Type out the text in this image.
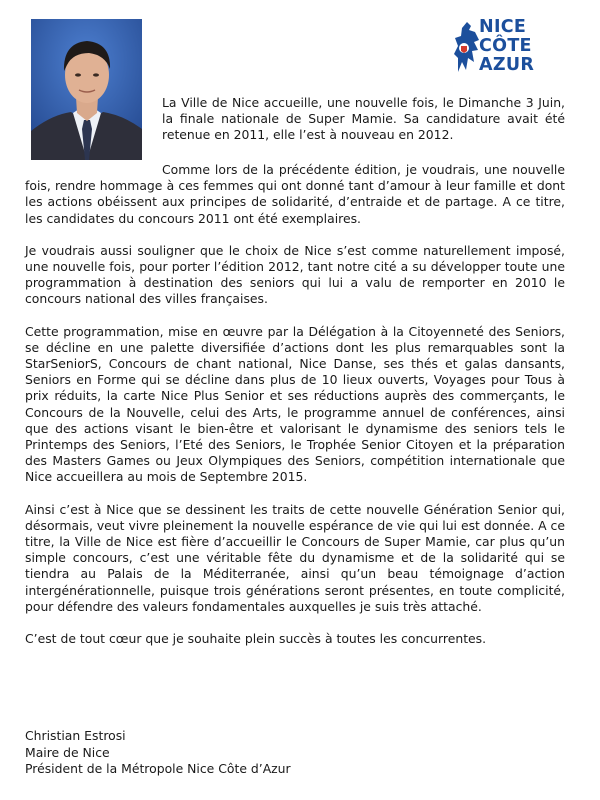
NICE
CÔTE
AZUR
La Ville de Nice accueille, une nouvelle fois, le Dimanche 3 Juin, la finale nationale de Super Mamie. Sa candidature avait été retenue en 2011, elle l’est à nouveau en 2012.

Comme lors de la précédente édition, je voudrais, une nouvelle fois, rendre hommage à ces femmes qui ont donné tant d’amour à leur famille et dont les actions obéissent aux principes de solidarité, d’entraide et de partage. A ce titre, les candidates du concours 2011 ont été exemplaires.

Je voudrais aussi souligner que le choix de Nice s’est comme naturellement imposé, une nouvelle fois, pour porter l’édition 2012, tant notre cité a su développer toute une programmation à destination des seniors qui lui a valu de remporter en 2010 le concours national des villes françaises.

Cette programmation, mise en œuvre par la Délégation à la Citoyenneté des Seniors, se décline en une palette diversifiée d’actions dont les plus remarquables sont la StarSeniorS, Concours de chant national, Nice Danse, ses thés et galas dansants, Seniors en Forme qui se décline dans plus de 10 lieux ouverts, Voyages pour Tous à prix réduits, la carte Nice Plus Senior et ses réductions auprès des commerçants, le Concours de la Nouvelle, celui des Arts, le programme annuel de conférences, ainsi que des actions visant le bien-être et valorisant le dynamisme des seniors tels le Printemps des Seniors, l’Eté des Seniors, le Trophée Senior Citoyen et la préparation des Masters Games ou Jeux Olympiques des Seniors, compétition internationale que Nice accueillera au mois de Septembre 2015.

Ainsi c’est à Nice que se dessinent les traits de cette nouvelle Génération Senior qui, désormais, veut vivre pleinement la nouvelle espérance de vie qui lui est donnée. A ce titre, la Ville de Nice est fière d’accueillir le Concours de Super Mamie, car plus qu’un simple concours, c’est une véritable fête du dynamisme et de la solidarité qui se tiendra au Palais de la Méditerranée, ainsi qu’un beau témoignage d’action intergénérationnelle, puisque trois générations seront présentes, en toute complicité, pour défendre des valeurs fondamentales auxquelles je suis très attaché.

C’est de tout cœur que je souhaite plein succès à toutes les concurrentes.

Christian Estrosi
Maire de Nice
Président de la Métropole Nice Côte d’Azur
